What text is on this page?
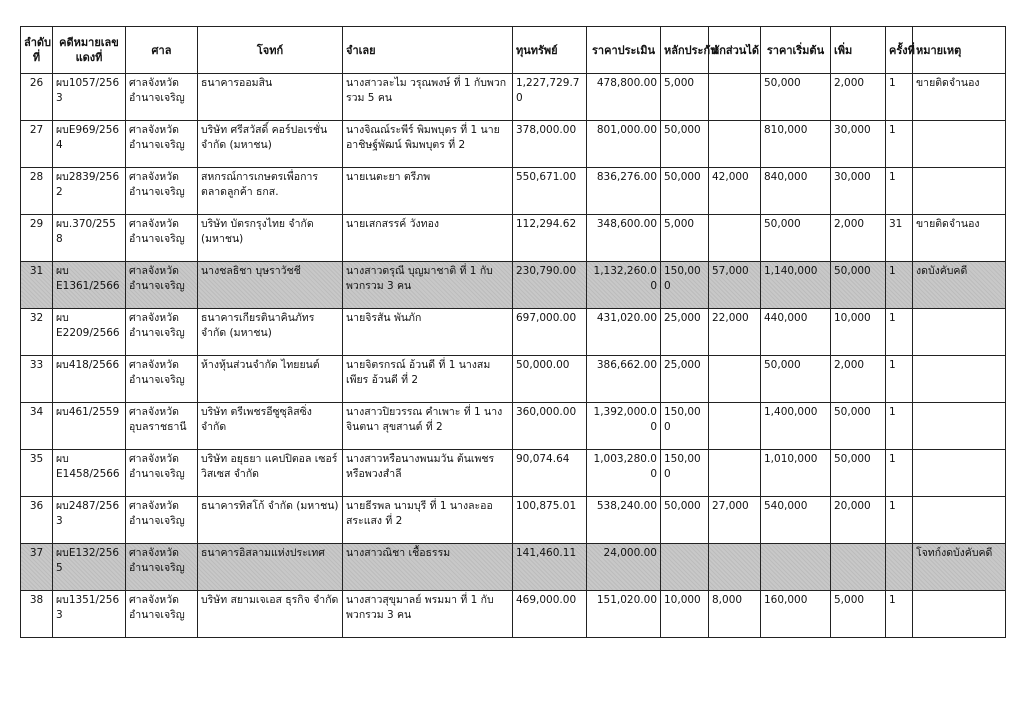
ลำดับที่	คดีหมายเลขแดงที่	ศาล	โจทก์	จำเลย	ทุนทรัพย์	ราคาประเมิน	หลักประกัน	หักส่วนได้	ราคาเริ่มต้น	เพิ่ม	ครั้งที่	หมายเหตุ
26	ผบ1057/2563	ศาลจังหวัดอำนาจเจริญ	ธนาคารออมสิน	นางสาวละไม วรุณพงษ์ ที่ 1 กับพวกรวม 5 คน	1,227,729.70	478,800.00	5,000		50,000	2,000	1	ขายติดจำนอง
27	ผบE969/2564	ศาลจังหวัดอำนาจเจริญ	บริษัท ศรีสวัสดิ์ คอร์ปอเรชั่น จำกัด (มหาชน)	นางจิณณ์ระพีร์ พิมพบุตร ที่ 1 นายอาชิษฐ์พัฒน์ พิมพบุตร ที่ 2	378,000.00	801,000.00	50,000		810,000	30,000	1	
28	ผบ2839/2562	ศาลจังหวัดอำนาจเจริญ	สหกรณ์การเกษตรเพื่อการตลาดลูกค้า ธกส.	นายเนตะยา ตรีภพ	550,671.00	836,276.00	50,000	42,000	840,000	30,000	1	
29	ผบ.370/2558	ศาลจังหวัดอำนาจเจริญ	บริษัท บัตรกรุงไทย จำกัด (มหาชน)	นายเสกสรรค์ วังทอง	112,294.62	348,600.00	5,000		50,000	2,000	31	ขายติดจำนอง
31	ผบ E1361/2566	ศาลจังหวัดอำนาจเจริญ	นางชลธิชา บุษราวัชชี	นางสาวดรุณี บุญมาชาติ ที่ 1 กับพวกรวม 3 คน	230,790.00	1,132,260.00	150,000	57,000	1,140,000	50,000	1	งดบังคับคดี
32	ผบ E2209/2566	ศาลจังหวัดอำนาจเจริญ	ธนาคารเกียรตินาคินภัทร จำกัด (มหาชน)	นายจิรสัน พันภัก	697,000.00	431,020.00	25,000	22,000	440,000	10,000	1	
33	ผบ418/2566	ศาลจังหวัดอำนาจเจริญ	ห้างหุ้นส่วนจำกัด ไทยยนต์	นายจิตรกรณ์ อ้วนดี ที่ 1 นางสมเพียร อ้วนดี ที่ 2	50,000.00	386,662.00	25,000		50,000	2,000	1	
34	ผบ461/2559	ศาลจังหวัดอุบลราชธานี	บริษัท ตรีเพชรอีซูซุลิสซิ่ง จำกัด	นางสาวปิยวรรณ คำเพาะ ที่ 1 นางจินตนา สุขสานต์ ที่ 2	360,000.00	1,392,000.00	150,000		1,400,000	50,000	1	
35	ผบ E1458/2566	ศาลจังหวัดอำนาจเจริญ	บริษัท อยุธยา แคปปิตอล เซอร์วิสเซส จำกัด	นางสาวหรือนางพนมวัน ต้นเพชร หรือพวงสำลี	90,074.64	1,003,280.00	150,000		1,010,000	50,000	1	
36	ผบ2487/2563	ศาลจังหวัดอำนาจเจริญ	ธนาคารทิสโก้ จำกัด (มหาชน)	นายธีรพล นามบุรี ที่ 1 นางละออ สระแสง ที่ 2	100,875.01	538,240.00	50,000	27,000	540,000	20,000	1	
37	ผบE132/2565	ศาลจังหวัดอำนาจเจริญ	ธนาคารอิสลามแห่งประเทศ	นางสาวณิชา เชื้อธรรม	141,460.11	24,000.00						โจทก์งดบังคับคดี
38	ผบ1351/2563	ศาลจังหวัดอำนาจเจริญ	บริษัท สยามเจเอส ธุรกิจ จำกัด	นางสาวสุขุมาลย์ พรมมา ที่ 1 กับพวกรวม 3 คน	469,000.00	151,020.00	10,000	8,000	160,000	5,000	1	
